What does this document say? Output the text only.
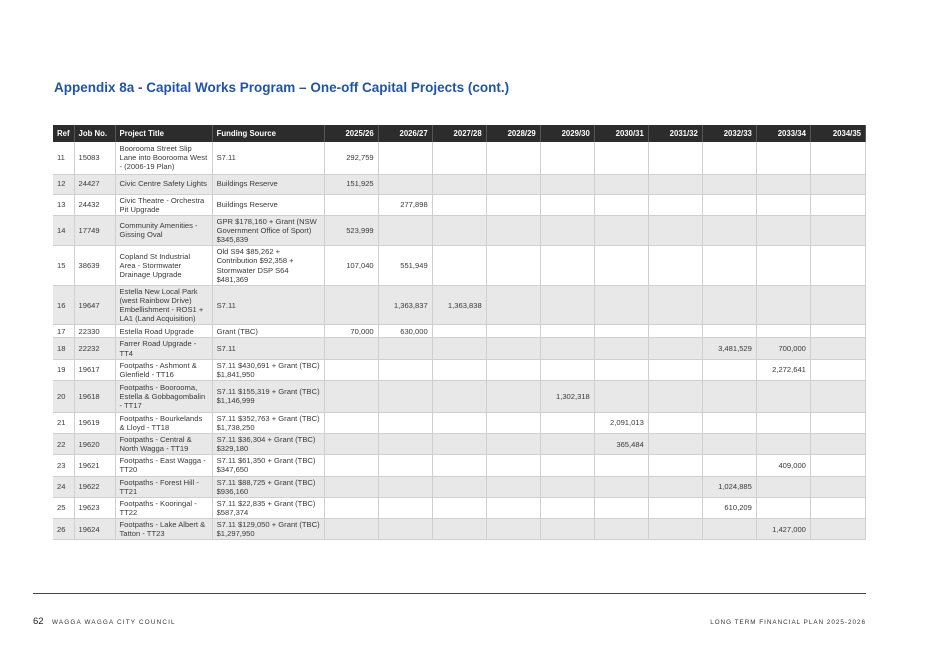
Appendix 8a - Capital Works Program – One-off Capital Projects (cont.)
Ref	Job No.	Project Title	Funding Source	2025/26	2026/27	2027/28	2028/29	2029/30	2030/31	2031/32	2032/33	2033/34	2034/35
11	15083	Boorooma Street Slip Lane into Boorooma West - (2006-19 Plan)	S7.11	292,759									
12	24427	Civic Centre Safety Lights	Buildings Reserve	151,925									
13	24432	Civic Theatre - Orchestra Pit Upgrade	Buildings Reserve		277,898								
14	17749	Community Amenities - Gissing Oval	GPR $178,160 + Grant (NSW Government Office of Sport) $345,839	523,999									
15	38639	Copland St Industrial Area - Stormwater Drainage Upgrade	Old S94 $85,262 + Contribution $92,358 + Stormwater DSP S64 $481,369	107,040	551,949								
16	19647	Estella New Local Park (west Rainbow Drive) Embellishment - ROS1 + LA1 (Land Acquisition)	S7.11		1,363,837	1,363,838							
17	22330	Estella Road Upgrade	Grant (TBC)	70,000	630,000								
18	22232	Farrer Road Upgrade - TT4	S7.11								3,481,529	700,000	
19	19617	Footpaths - Ashmont & Glenfield - TT16	S7.11 $430,691 + Grant (TBC) $1,841,950									2,272,641	
20	19618	Footpaths - Boorooma, Estella & Gobbagombalin - TT17	S7.11 $155,319 + Grant (TBC) $1,146,999					1,302,318					
21	19619	Footpaths - Bourkelands & Lloyd - TT18	S7.11 $352,763 + Grant (TBC) $1,738,250						2,091,013				
22	19620	Footpaths - Central & North Wagga - TT19	S7.11 $36,304 + Grant (TBC) $329,180						365,484				
23	19621	Footpaths - East Wagga - TT20	S7.11 $61,350 + Grant (TBC) $347,650									409,000	
24	19622	Footpaths - Forest Hill - TT21	S7.11 $88,725 + Grant (TBC) $936,160								1,024,885		
25	19623	Footpaths - Kooringal - TT22	S7.11 $22,835 + Grant (TBC) $587,374								610,209		
26	19624	Footpaths - Lake Albert & Tatton - TT23	S7.11 $129,050 + Grant (TBC) $1,297,950									1,427,000	
62 WAGGA WAGGA CITY COUNCIL	LONG TERM FINANCIAL PLAN 2025-2026
